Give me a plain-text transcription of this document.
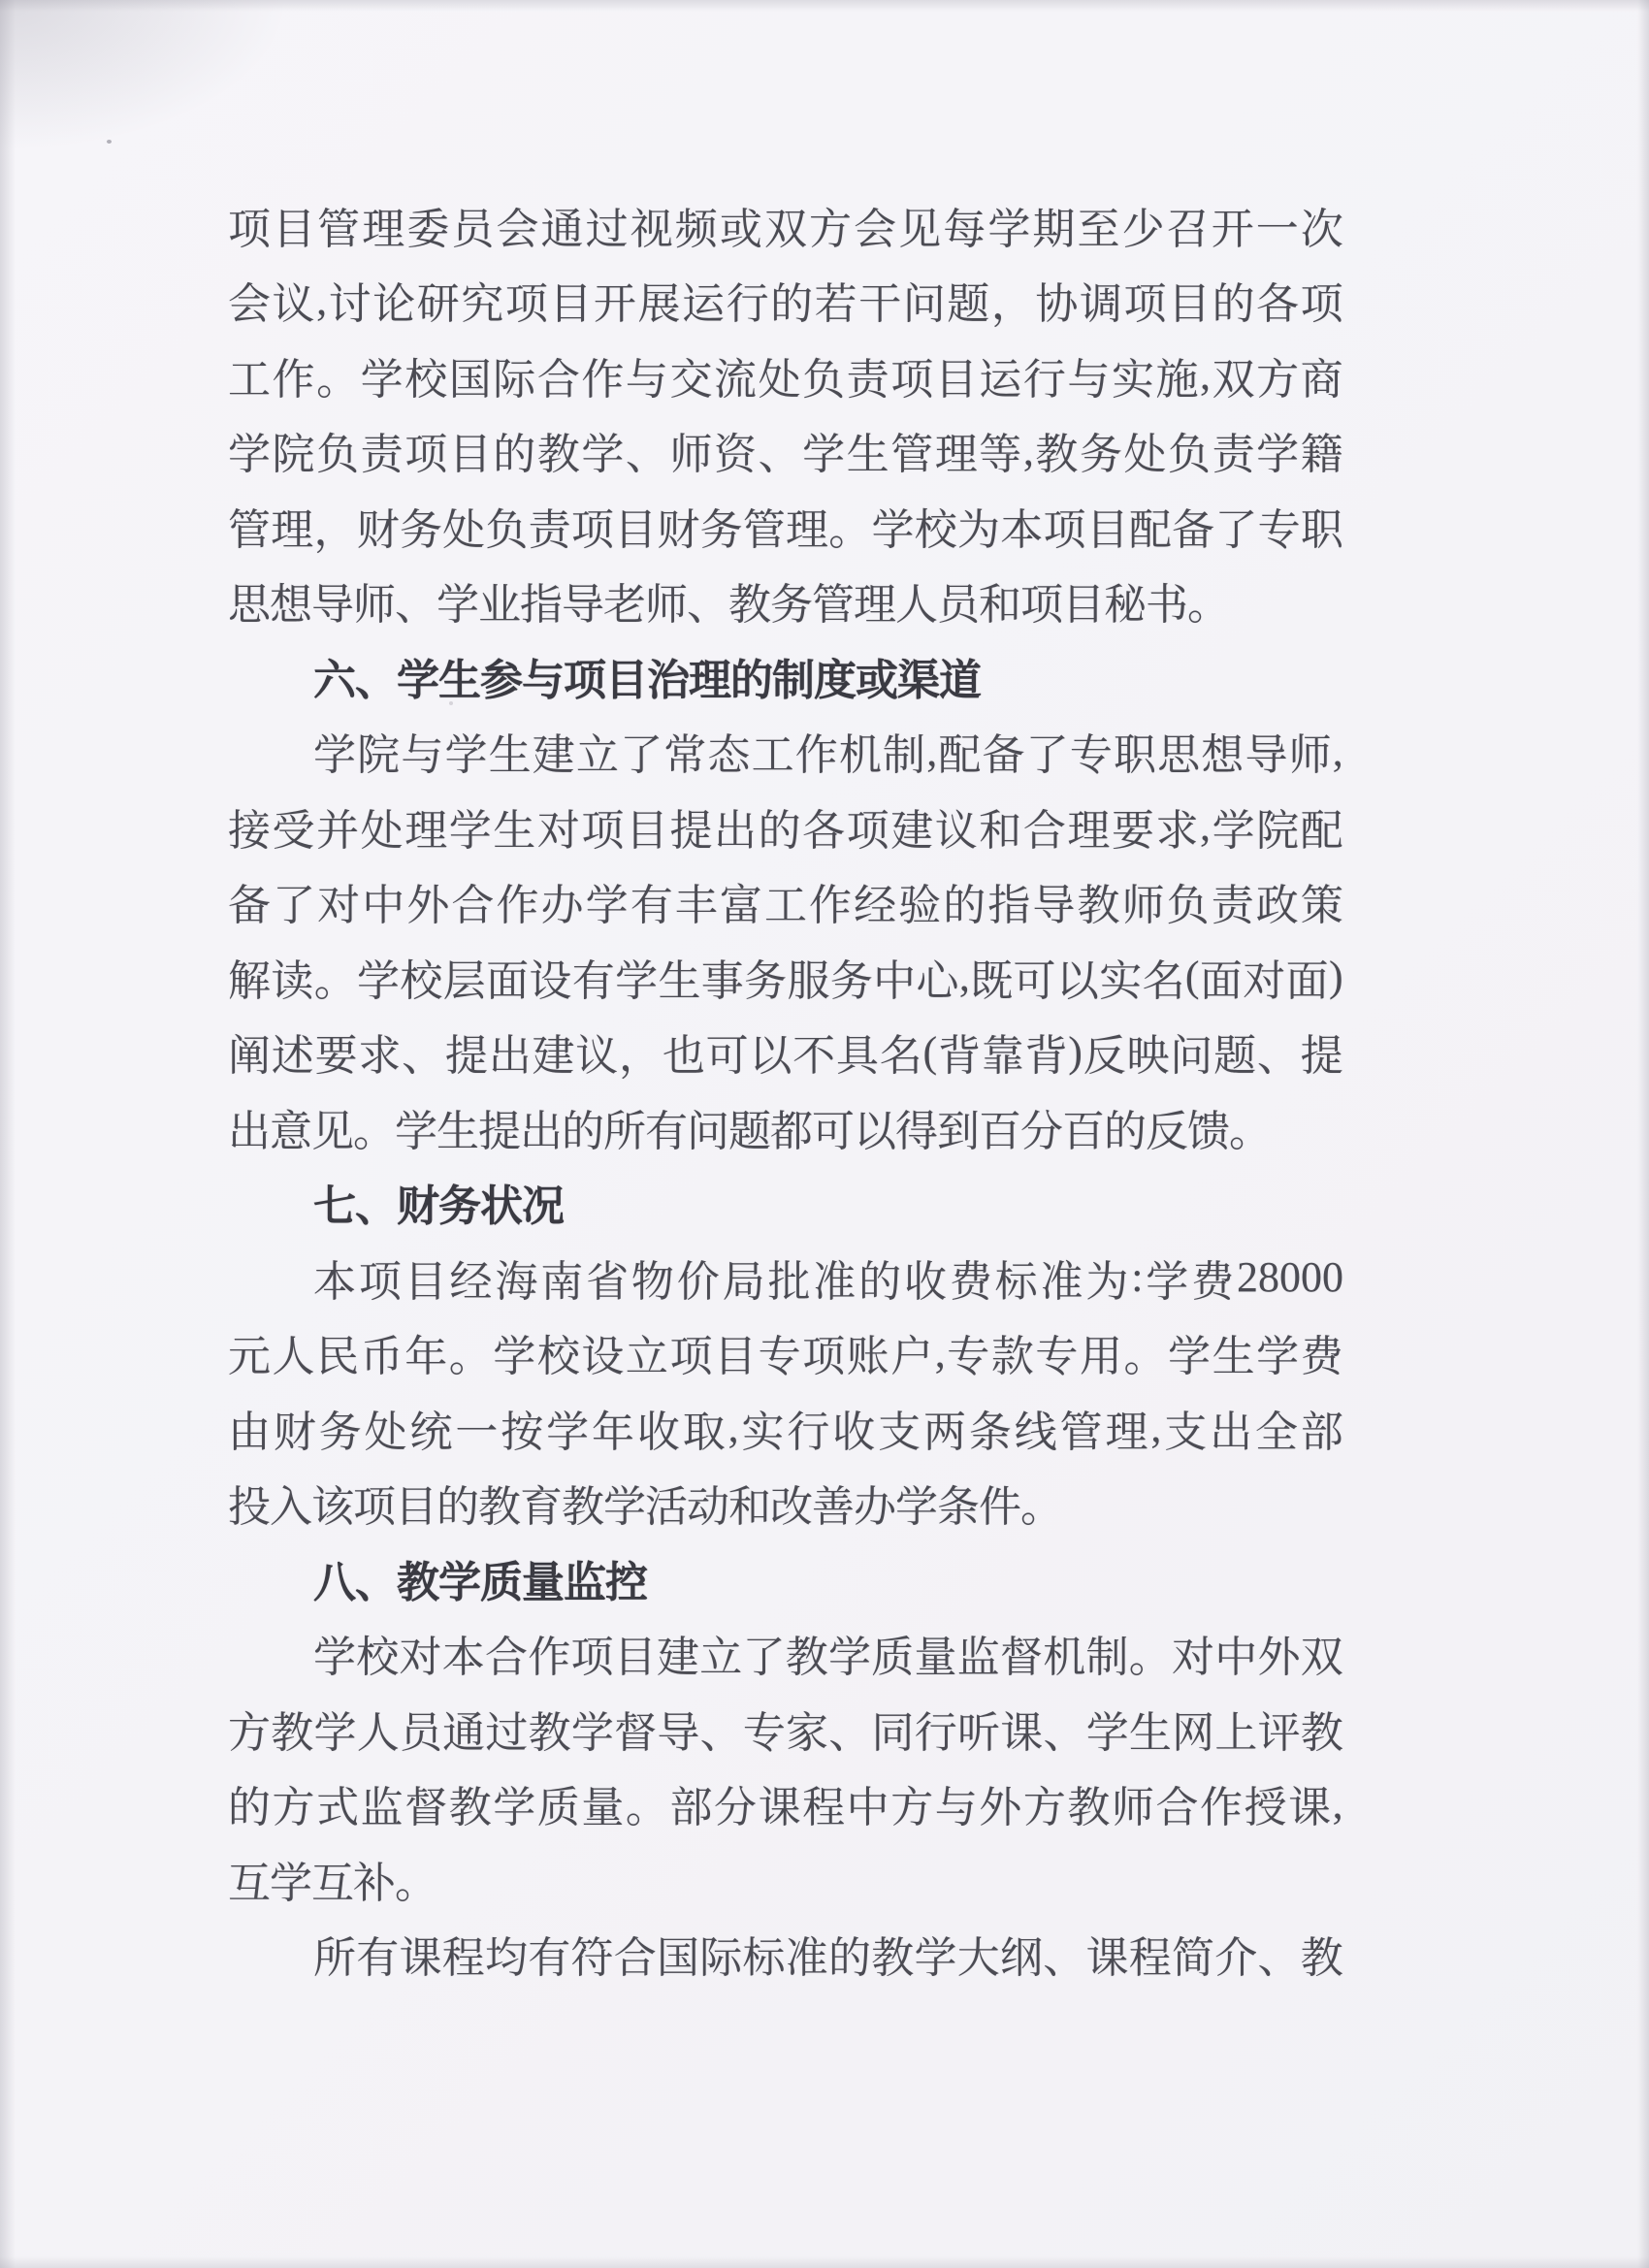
项 目 管 理 委 员 会 通 过 视 频 或 双 方 会 见 每 学 期 至 少 召 开 一 次
会 议 , 讨 论 研 究 项 目 开 展 运 行 的 若 干 问 题 ， 协 调 项 目 的 各 项
工 作 。 学 校 国 际 合 作 与 交 流 处 负 责 项 目 运 行 与 实 施 , 双 方 商
学 院 负 责 项 目 的 教 学 、 师 资 、 学 生 管 理 等 , 教 务 处 负 责 学 籍
管 理 ， 财 务 处 负 责 项 目 财 务 管 理 。 学 校 为 本 项 目 配 备 了 专 职
思想导师、学业指导老师、教务管理人员和项目秘书。
六、学生参与项目治理的制度或渠道
学 院 与 学 生 建 立 了 常 态 工 作 机 制 , 配 备 了 专 职 思 想 导 师 ,
接 受 并 处 理 学 生 对 项 目 提 出 的 各 项 建 议 和 合 理 要 求 , 学 院 配
备 了 对 中 外 合 作 办 学 有 丰 富 工 作 经 验 的 指 导 教 师 负 责 政 策
解 读 。 学 校 层 面 设 有 学 生 事 务 服 务 中 心 , 既 可 以 实 名 ( 面 对 面 )
阐 述 要 求 、 提 出 建 议 ， 也 可 以 不 具 名 ( 背 靠 背 ) 反 映 问 题 、 提
出意见。学生提出的所有问题都可以得到百分百的反馈。
七、财务状况
本 项 目 经 海 南 省 物 价 局 批 准 的 收 费 标 准 为 : 学 费 28000
元 人 民 币 年 。 学 校 设 立 项 目 专 项 账 户 , 专 款 专 用 。 学 生 学 费
由 财 务 处 统 一 按 学 年 收 取 , 实 行 收 支 两 条 线 管 理 , 支 出 全 部
投入该项目的教育教学活动和改善办学条件。
八、教学质量监控
学 校 对 本 合 作 项 目 建 立 了 教 学 质 量 监 督 机 制 。 对 中 外 双
方 教 学 人 员 通 过 教 学 督 导 、 专 家 、 同 行 听 课 、 学 生 网 上 评 教
的 方 式 监 督 教 学 质 量 。 部 分 课 程 中 方 与 外 方 教 师 合 作 授 课 ,
互学互补。
所 有 课 程 均 有 符 合 国 际 标 准 的 教 学 大 纲 、 课 程 简 介 、 教
